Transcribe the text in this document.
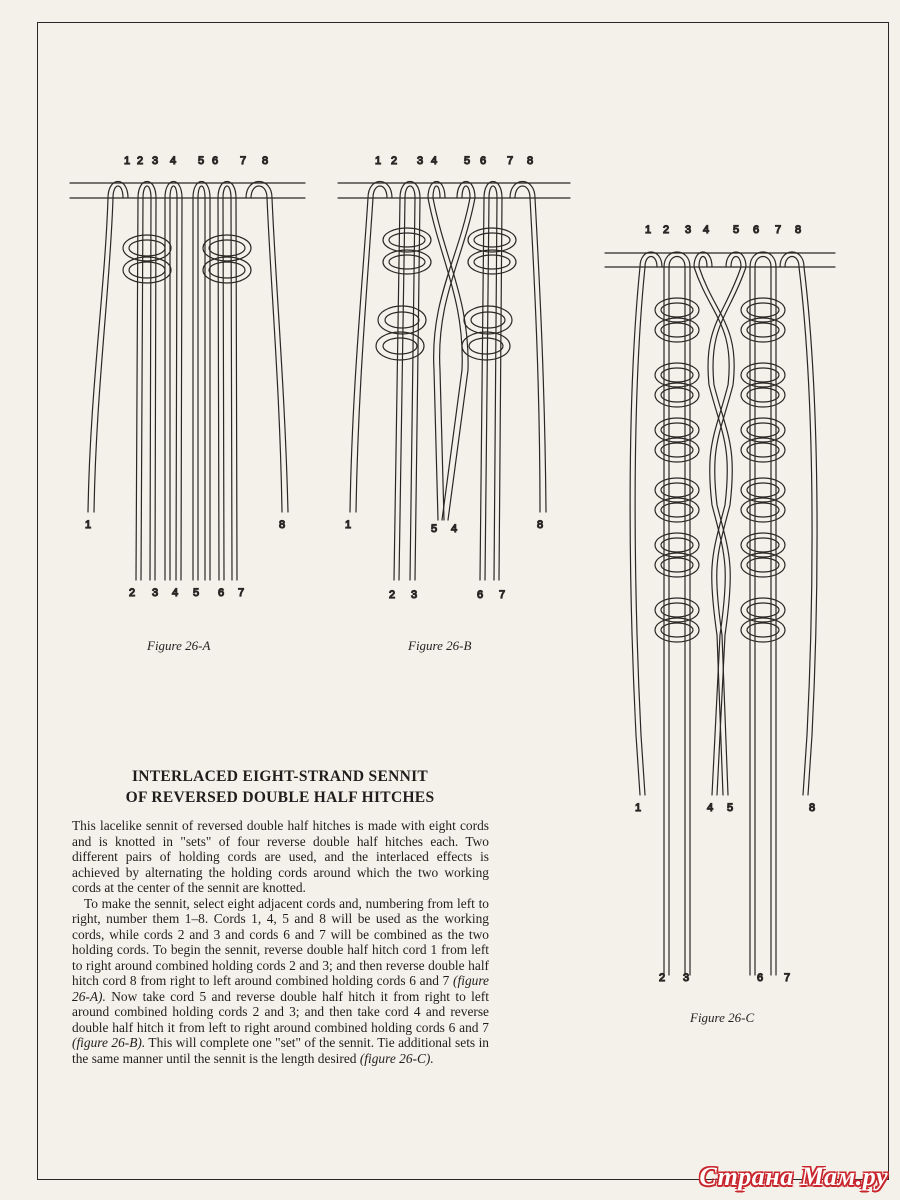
1 2 3 4 5 6 7 8
1	8
2 3 4 5 6 7
Figure 26-A
1 2 3 4 5 6 7 8
1	5 4	8
2 3	6 7
Figure 26-B
1 2 3 4 5 6 7 8
1	4 5	8
2 3	6 7
Figure 26-C
INTERLACED EIGHT-STRAND SENNIT
OF REVERSED DOUBLE HALF HITCHES

This lacelike sennit of reversed double half hitches is made with eight cords and is knotted in "sets" of four reverse double half hitches each. Two different pairs of holding cords are used, and the interlaced effects is achieved by alternating the holding cords around which the two working cords at the center of the sennit are knotted.

To make the sennit, select eight adjacent cords and, numbering from left to right, number them 1–8. Cords 1, 4, 5 and 8 will be used as the working cords, while cords 2 and 3 and cords 6 and 7 will be combined as the two holding cords. To begin the sennit, reverse double half hitch cord 1 from left to right around combined holding cords 2 and 3; and then reverse double half hitch cord 8 from right to left around combined holding cords 6 and 7 (figure 26-A). Now take cord 5 and reverse double half hitch it from right to left around combined holding cords 2 and 3; and then take cord 4 and reverse double half hitch it from left to right around combined holding cords 6 and 7 (figure 26-B). This will complete one "set" of the sennit. Tie additional sets in the same manner until the sennit is the length desired (figure 26-C).

Страна Мам.ру
